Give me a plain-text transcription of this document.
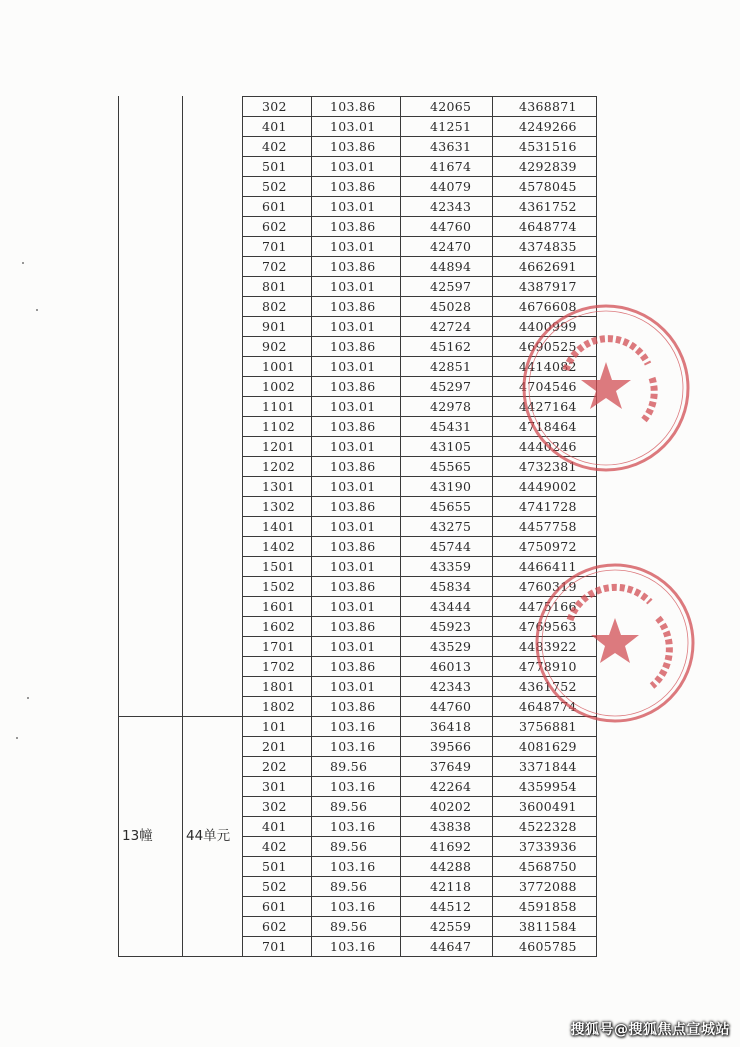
302	103.86	42065	4368871
401	103.01	41251	4249266
402	103.86	43631	4531516
501	103.01	41674	4292839
502	103.86	44079	4578045
601	103.01	42343	4361752
602	103.86	44760	4648774
701	103.01	42470	4374835
702	103.86	44894	4662691
801	103.01	42597	4387917
802	103.86	45028	4676608
901	103.01	42724	4400999
902	103.86	45162	4690525
1001	103.01	42851	4414082
1002	103.86	45297	4704546
1101	103.01	42978	4427164
1102	103.86	45431	4718464
1201	103.01	43105	4440246
1202	103.86	45565	4732381
1301	103.01	43190	4449002
1302	103.86	45655	4741728
1401	103.01	43275	4457758
1402	103.86	45744	4750972
1501	103.01	43359	4466411
1502	103.86	45834	4760319
1601	103.01	43444	4475166
1602	103.86	45923	4769563
1701	103.01	43529	4483922
1702	103.86	46013	4778910
1801	103.01	42343	4361752
1802	103.86	44760	4648774
101	103.16	36418	3756881
201	103.16	39566	4081629
202	89.56	37649	3371844
301	103.16	42264	4359954
302	89.56	40202	3600491
401	103.16	43838	4522328
402	89.56	41692	3733936
501	103.16	44288	4568750
502	89.56	42118	3772088
601	103.16	44512	4591858
602	89.56	42559	3811584
701	103.16	44647	4605785
13幢 44单元
搜狐号@搜狐焦点宣城站
